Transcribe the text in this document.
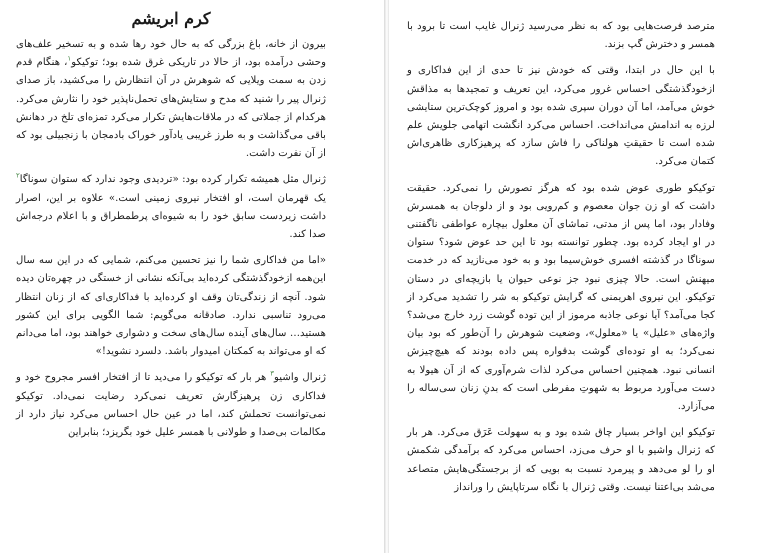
کرم ابریشم

بیرون از خانه، باغ بزرگی که به حال خود رها شده و به تسخیر علف‌های وحشی درآمده بود، از حالا در تاریکی غرق شده بود؛ توکیکو$^۱$، هنگام قدم زدن به سمت ویلایی که شوهرش در آن انتظارش را می‌کشید، باز صدای ژنرال پیر را شنید که مدح و ستایش‌های تحمل‌ناپذیر خود را نثارش می‌کرد. هرکدام از جملاتی که در ملاقات‌هایش تکرار می‌کرد تمزه‌ای تلخ در دهانش باقی می‌گذاشت و به طرز غریبی یادآور خوراک بادمجان با زنجبیلی بود که از آن نفرت داشت.

ژنرال مثل همیشه تکرار کرده بود: «تردیدی وجود ندارد که ستوان سوناگا$^۲$ یک قهرمان است، او افتخار نیروی زمینی است.» علاوه بر این، اصرار داشت زیردست سابق خود را به شیوه‌ای پرطمطراق و با اعلام درجه‌اش صدا کند.

«اما من فداکاری شما را نیز تحسین می‌کنم، شمایی که در این سه سال این‌همه ازخودگذشتگی کرده‌اید بی‌آنکه نشانی از خستگی در چهره‌تان دیده شود. آنچه از زندگی‌تان وقف او کرده‌اید با فداکاری‌ای که از زنان انتظار می‌رود تناسبی ندارد. صادقانه می‌گویم: شما الگویی برای این کشور هستید… سال‌های آینده سال‌های سخت و دشواری خواهند بود، اما می‌دانم که او می‌تواند به کمکتان امیدوار باشد. دلسرد نشوید!»

ژنرال واشیو$^۳$ هر بار که توکیکو را می‌دید تا از افتخار افسر مجروح خود و فداکاری زن پرهیزگارش تعریف نمی‌کرد رضایت نمی‌داد. توکیکو نمی‌توانست تحملش کند، اما در عین حال احساس می‌کرد نیاز دارد از مکالمات بی‌صدا و طولانی با همسر علیل خود بگریزد؛ بنابراین

مترصد فرصت‌هایی بود که به نظر می‌رسید ژنرال غایب است تا برود با همسر و دخترش گپ بزند.

با این حال در ابتدا، وقتی که خودش نیز تا حدی از این فداکاری و ازخودگذشتگی احساس غرور می‌کرد، این تعریف و تمجیدها به مذاقش خوش می‌آمد، اما آن دوران سپری شده بود و امروز کوچک‌ترین ستایشی لرزه به اندامش می‌انداخت. احساس می‌کرد انگشت اتهامی جلویش علم شده است تا حقیقتِ هولناکی را فاش سازد که پرهیزکاری ظاهری‌اش کتمان می‌کرد.

توکیکو طوری عوض شده بود که هرگز تصورش را نمی‌کرد. حقیقت داشت که او زن جوان معصوم و کم‌رویی بود و از دلوجان به همسرش وفادار بود، اما پس از مدتی، تماشای آن معلول بیچاره عواطفی ناگفتنی در او ایجاد کرده بود. چطور توانسته بود تا این حد عوض شود؟ ستوان سوناگا در گذشته افسری خوش‌سیما بود و به خود می‌نازید که در خدمت میهنش است. حالا چیزی نبود جز نوعی حیوان یا بازیچه‌ای در دستان توکیکو. این نیروی اهریمنی که گرایش توکیکو به شر را تشدید می‌کرد از کجا می‌آمد؟ آیا نوعی جاذبه مرموز از این توده گوشت زرد خارج می‌شد؟ واژه‌های «علیل» یا «معلول»، وضعیت شوهرش را آن‌طور که بود بیان نمی‌کرد؛ به او توده‌ای گوشت بدقواره پس داده بودند که هیچ‌چیزش انسانی نبود. همچنین احساس می‌کرد لذات شرم‌آوری که از آن هیولا به دست می‌آورد مربوط به شهوتِ مفرطی است که بدنِ زنان سی‌ساله را می‌آزارد.

توکیکو این اواخر بسیار چاق شده بود و به سهولت عَرَق می‌کرد. هر بار که ژنرال واشیو با او حرف می‌زد، احساس می‌کرد که برآمدگی شکمش او را لو می‌دهد و پیرمرد نسبت به بویی که از برجستگی‌هایش متصاعد می‌شد بی‌اعتنا نیست. وقتی ژنرال با نگاه سرتاپایش را ورانداز
